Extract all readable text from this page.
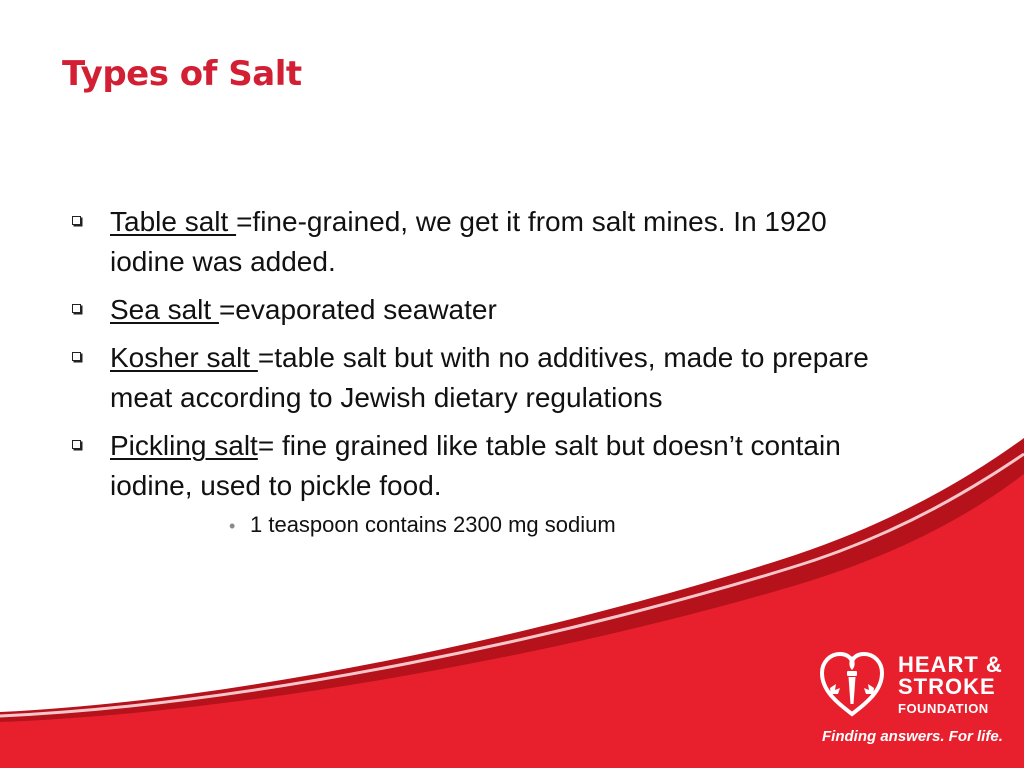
Types of Salt
Table salt =fine-grained, we get it from salt mines. In 1920 iodine was added.
Sea salt =evaporated seawater
Kosher salt =table salt but with no additives, made to prepare meat according to Jewish dietary regulations
Pickling salt= fine grained like table salt but doesn’t contain iodine, used to pickle food.
• 1 teaspoon contains 2300 mg sodium
HEART &
STROKE
FOUNDATION
Finding answers. For life.
